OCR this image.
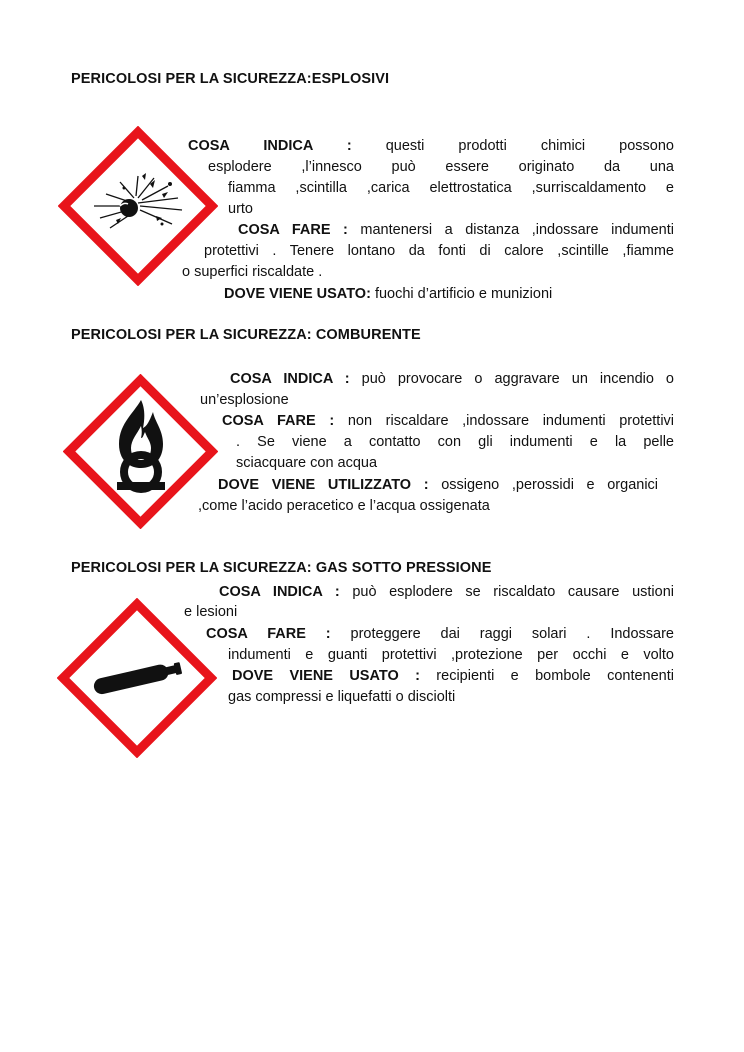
PERICOLOSI PER LA SICUREZZA:ESPLOSIVI
COSA INDICA : questi prodotti chimici possono
esplodere ,l’innesco può essere originato da una
fiamma ,scintilla ,carica elettrostatica ,surriscaldamento e
urto
COSA FARE : mantenersi a distanza ,indossare indumenti
protettivi . Tenere lontano da fonti di calore ,scintille ,fiamme
o superfici riscaldate .
DOVE VIENE USATO: fuochi d’artificio e munizioni
PERICOLOSI PER LA SICUREZZA: COMBURENTE
COSA INDICA : può provocare o aggravare un incendio o
un’esplosione
COSA FARE : non riscaldare ,indossare indumenti protettivi
. Se viene a contatto con gli indumenti e la pelle
sciacquare con acqua
DOVE VIENE UTILIZZATO : ossigeno ,perossidi e organici
,come l’acido peracetico e l’acqua ossigenata
PERICOLOSI PER LA SICUREZZA: GAS SOTTO PRESSIONE
COSA INDICA : può esplodere se riscaldato causare ustioni
e lesioni
COSA FARE : proteggere dai raggi solari . Indossare
indumenti e guanti protettivi ,protezione per occhi e volto
DOVE VIENE USATO : recipienti e bombole contenenti
gas compressi e liquefatti o disciolti
